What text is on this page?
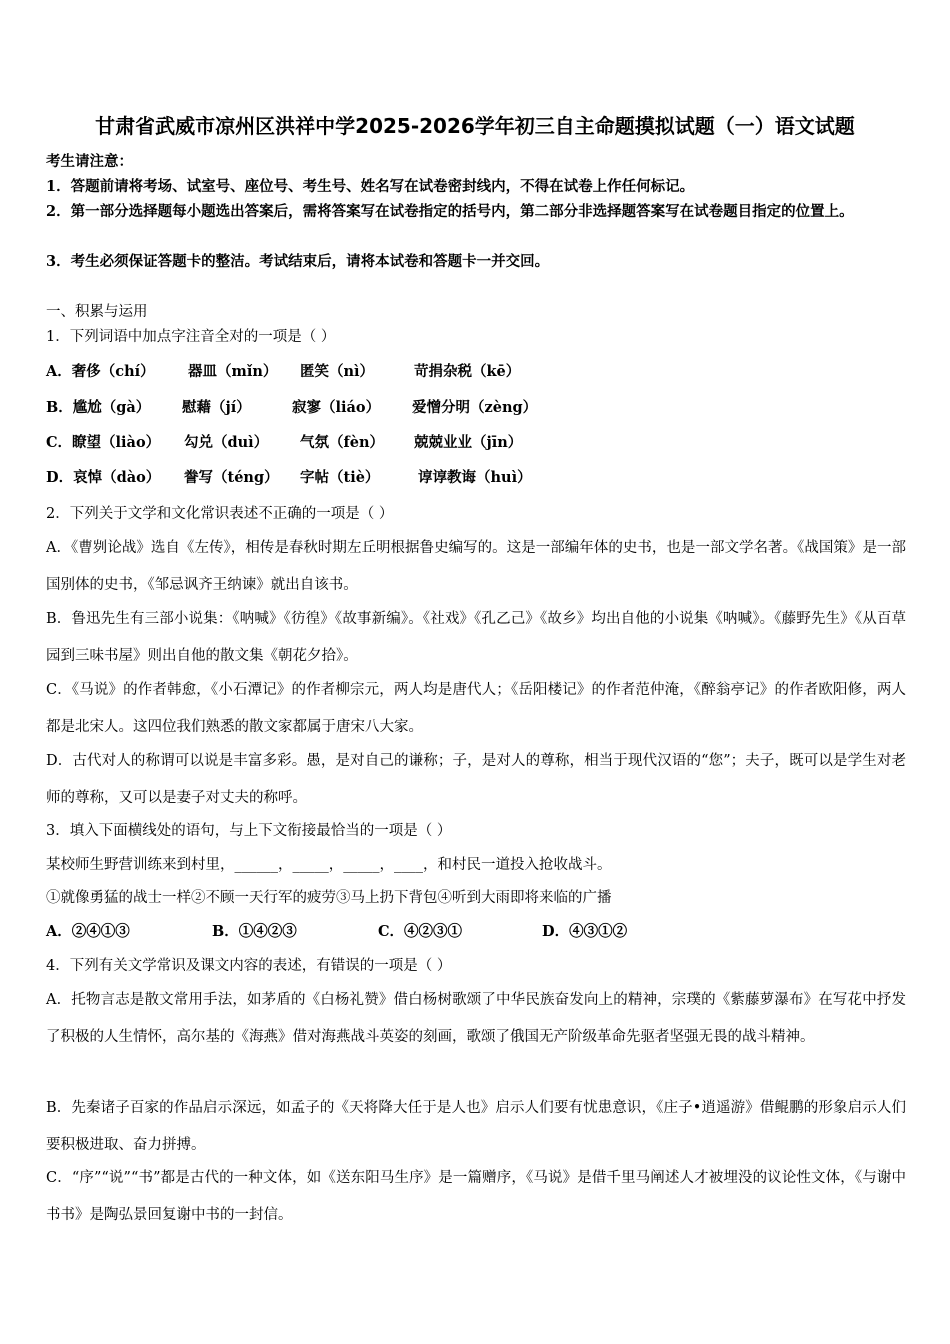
甘肃省武威市凉州区洪祥中学2025-2026学年初三自主命题摸拟试题（一）语文试题
考生请注意：
1．答题前请将考场、试室号、座位号、考生号、姓名写在试卷密封线内，不得在试卷上作任何标记。
2．第一部分选择题每小题选出答案后，需将答案写在试卷指定的括号内，第二部分非选择题答案写在试卷题目指定的位置上。
3．考生必须保证答题卡的整洁。考试结束后，请将本试卷和答题卡一并交回。
一、积累与运用
1．下列词语中加点字注音全对的一项是（ ）
A．奢侈（chí） 器皿（mǐn） 匿笑（nì）	苛捐杂税（kē）
B．尴尬（gà） 慰藉（jí）	寂寥（liáo） 爱憎分明（zèng）
C．瞭望（liào） 勾兑（duì） 气氛（fèn） 兢兢业业（jīn）
D．哀悼（dào） 誊写（téng） 字帖（tiè）	谆谆教诲（huì）
2．下列关于文学和文化常识表述不正确的一项是（ ）
A．《曹刿论战》选自《左传》，相传是春秋时期左丘明根据鲁史编写的。这是一部编年体的史书，也是一部文学名著。《战国策》是一部国别体的史书，《邹忌讽齐王纳谏》就出自该书。
B．鲁迅先生有三部小说集：《呐喊》《彷徨》《故事新编》。《社戏》《孔乙己》《故乡》均出自他的小说集《呐喊》。《藤野先生》《从百草园到三味书屋》则出自他的散文集《朝花夕拾》。
C．《马说》的作者韩愈，《小石潭记》的作者柳宗元，两人均是唐代人；《岳阳楼记》的作者范仲淹，《醉翁亭记》的作者欧阳修，两人都是北宋人。这四位我们熟悉的散文家都属于唐宋八大家。
D．古代对人的称谓可以说是丰富多彩。愚，是对自己的谦称；子，是对人的尊称，相当于现代汉语的“您”；夫子，既可以是学生对老师的尊称，又可以是妻子对丈夫的称呼。
3．填入下面横线处的语句，与上下文衔接最恰当的一项是（ ）
某校师生野营训练来到村里，______，_____，_____，____，和村民一道投入抢收战斗。
①就像勇猛的战士一样②不顾一天行军的疲劳③马上扔下背包④听到大雨即将来临的广播
A．②④①③	B．①④②③	C．④②③①	D．④③①②
4．下列有关文学常识及课文内容的表述，有错误的一项是（ ）
A．托物言志是散文常用手法，如茅盾的《白杨礼赞》借白杨树歌颂了中华民族奋发向上的精神，宗璞的《紫藤萝瀑布》在写花中抒发了积极的人生情怀，高尔基的《海燕》借对海燕战斗英姿的刻画，歌颂了俄国无产阶级革命先驱者坚强无畏的战斗精神。
B．先秦诸子百家的作品启示深远，如孟子的《天将降大任于是人也》启示人们要有忧患意识，《庄子•逍遥游》借鲲鹏的形象启示人们要积极进取、奋力拼搏。
C．“序”“说”“书”都是古代的一种文体，如《送东阳马生序》是一篇赠序，《马说》是借千里马阐述人才被埋没的议论性文体，《与谢中书书》是陶弘景回复谢中书的一封信。
